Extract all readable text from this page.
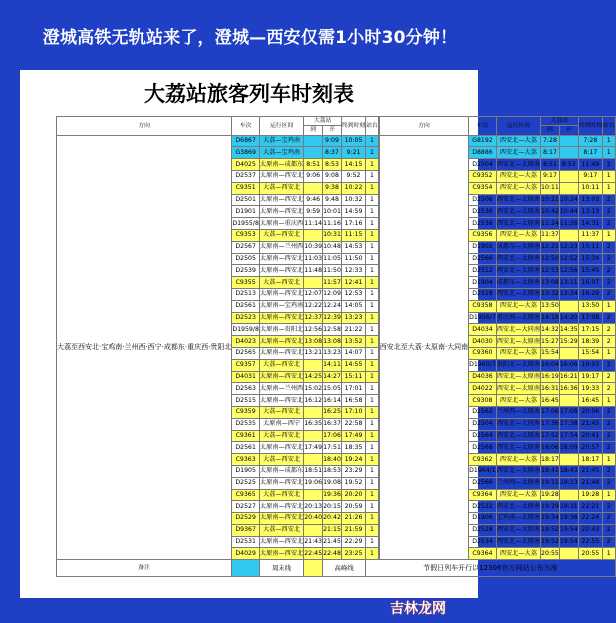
澄城高铁无轨站来了，澄城—西安仅需1小时30分钟！
大荔站旅客列车时刻表
方向	车次	运行区间	大荔站		终到时刻	站台		方向	车次	运行区间	大荔站		终到时刻	站台
			到	开						到	开		
大荔至西安北·宝鸡南·兰州西·西宁·成都东·重庆西·贵阳北	D6867	大荔—宝鸡南		9:09	10:05	1		西安北至大荔·太原南·大同南	G8192	西安北—大荔	7:28		7:28	1
	G3869	大荔—宝鸡南		8:37	9:21	1		D8886	西安北—大荔	8:17		8:17	1
	D4025	太原南—成都东	8:51	8:53	14:15	1		D2504	西安北—太原南	8:51	8:53	11:49	2
	D2537	太原南—西安北	9:06	9:08	9:52	1		C9352	西安北—大荔	9:17		9:17	1
	C9351	大荔—西安北		9:38	10:22	1		C9354	西安北—大荔	10:11		10:11	1
	D2501	太原南—西安北	9:46	9:48	10:32	1		D2506	西安北—太原南	10:21	10:24	13:03	2
	D1901	太原南—西安北	9:59	10:01	14:59	1		D2536	西安北—太原南	10:42	10:44	13:13	2
	D1955/8	太原南—重庆西	11:14	11:16	17:16	1		D2538	西安北—太原南	11:24	11:26	14:31	2
	C9353	大荔—西安北		10:31	11:15	1		C9356	西安北—大荔	11:37		11:37	1
	D2567	太原南—兰州西	10:39	10:48	14:53	1		D1902	成都东—太原南	12:21	12:23	15:11	2
	D2505	太原南—西安北	11:03	11:05	11:50	1		D2566	西安北—太原南	12:50	12:52	15:34	2
	D2539	太原南—西安北	11:48	11:50	12:33	1		D2512	西安北—太原南	12:53	12:56	15:45	2
	C9355	大荔—西安北		11:57	12:41	1		D1904	成都东—太原南	13:08	13:11	16:07	2
	D2513	太原南—西安北	12:07	12:09	12:53	1		D2518	西安北—太原南	13:32	13:34	16:29	2
	D2561	太原南—宝鸡南	12:22	12:24	14:05	1		C9358	西安北—大荔	13:50		13:50	1
	D2523	太原南—西安北	12:37	12:39	13:23	1		D1956/7	重庆西—太原南	14:18	14:20	17:08	2
	D1959/8	太原南—贵阳北	12:56	12:58	21:22	1		D4034	西安北—大同南	14:32	14:35	17:15	2
	D4023	太原南—西安北	13:08	13:08	13:52	1		D4030	西安北—太原南	15:27	15:29	18:39	2
	D2565	太原南—西安北	13:21	13:23	14:07	1		C9360	西安北—大荔	15:54		15:54	1
	C9357	大荔—西安北		14:11	14:55	1		D1960/7	贵阳北—太原南	16:04	16:06	19:03	2
	D4031	太原南—西安北	14:25	14:27	15:11	1		D4036	西安北—太原南	16:19	16:21	19:17	2
	D2563	太原南—兰州西	15:02	15:05	17:01	1		D4022	西安北—太原南	16:31	16:36	19:33	2
	D2515	太原南—西安北	16:12	16:14	16:58	1		C9308	西安北—大荔	16:45		16:45	1
	C9359	大荔—西安北		16:25	17:10	1		D2562	兰州西—太原南	17:06	17:08	20:06	2
	D2535	太原南—西宁	16:35	16:37	22:58	1		D2504	西安北—大同南	17:36	17:38	21:45	2
	C9361	大荔—西安北		17:06	17:49	1		D2564	西安北—太原南	17:52	17:54	20:41	2
	D2561	太原南—西安北	17:49	17:51	18:35	1		D2568	西安北—太原南	18:06	18:09	20:57	2
	C9363	大荔—西安北		18:40	19:24	1		C9362	西安北—大荔	18:17		18:17	1
	D1905	太原南—成都东	18:51	18:53	23:29	1		D1964/1	西安北—太原南	18:41	18:43	21:45	2
	D2525	太原南—西安北	19:06	19:08	19:52	1		D2566	兰州西—太原南	19:11	19:13	21:48	2
	C9365	大荔—西安北		19:36	20:20	1		C9364	西安北—大荔	19:28		19:28	1
	D2527	太原南—西安北	20:13	20:15	20:59	1		D2522	西安北—太原南	19:29	19:31	22:21	2
	D2529	太原南—西安北	20:40	20:42	21:26	1		D1906	宝鸡南—太原南	19:34	19:36	22:24	2
	D9367	大荔—西安北		21:15	21:59	1		D2528	西安北—太原南	19:52	19:54	22:43	2
	D2531	太原南—西安北	21:43	21:45	22:29	1		D2534	西安北—太原南	19:52	19:54	22:55	2
	D4029	太原南—西安北	22:45	22:48	23:25	1		C9364	西安北—大荔	20:55		20:55	1
备注		周末线		高峰线		节假日列车开行以12306官方网站公布为准							
吉林龙网
